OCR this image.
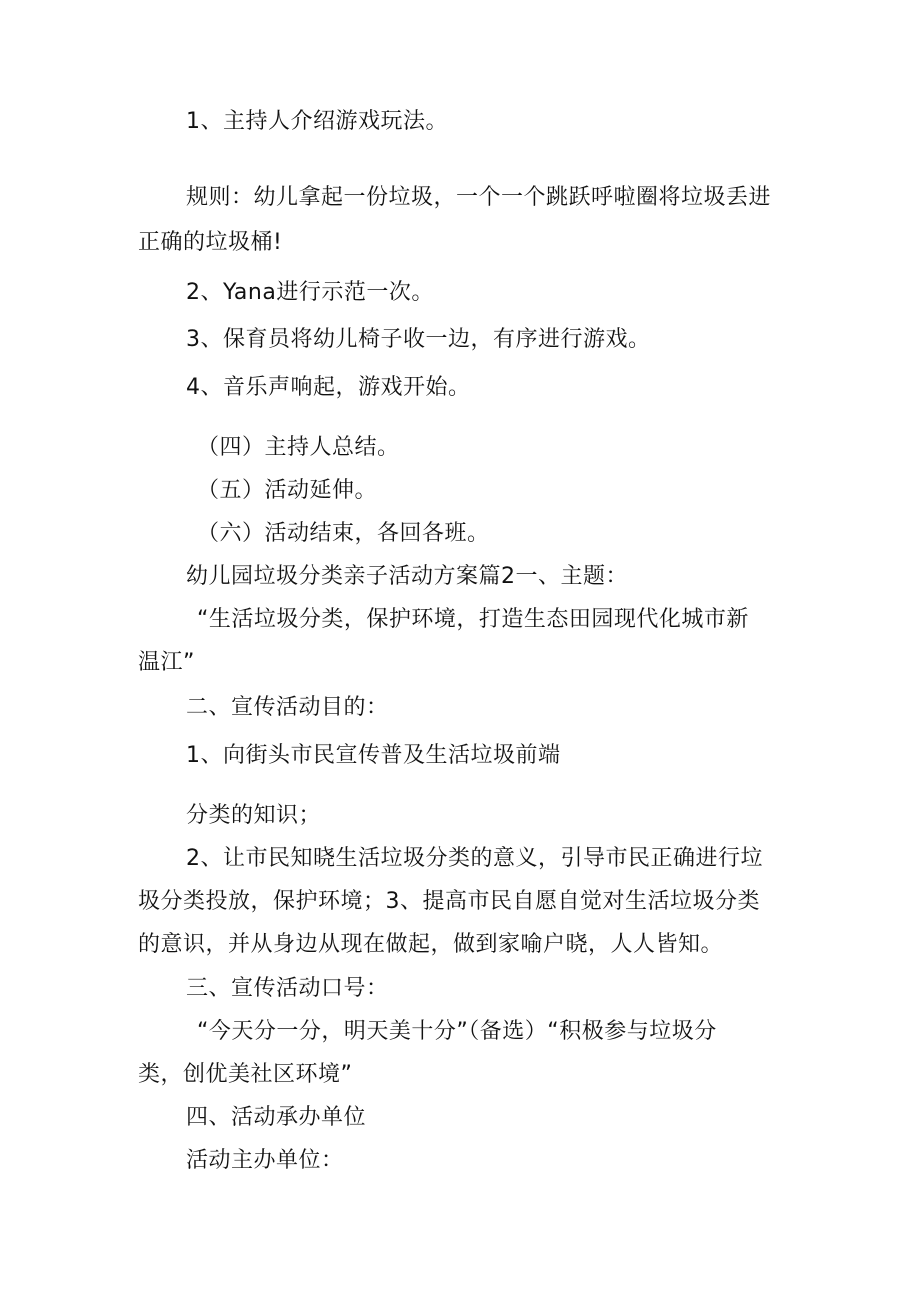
1、主持人介绍游戏玩法。

规则：幼儿拿起一份垃圾，一个一个跳跃呼啦圈将垃圾丢进

正确的垃圾桶!

2、Yana进行示范一次。

3、保育员将幼儿椅子收一边，有序进行游戏。

4、音乐声响起，游戏开始。

（四）主持人总结。

（五）活动延伸。

（六）活动结束，各回各班。

幼儿园垃圾分类亲子活动方案篇2一、主题：

“生活垃圾分类，保护环境，打造生态田园现代化城市新

温江”

二、宣传活动目的：

1、向街头市民宣传普及生活垃圾前端

分类的知识；

2、让市民知晓生活垃圾分类的意义，引导市民正确进行垃

圾分类投放，保护环境；3、提高市民自愿自觉对生活垃圾分类

的意识，并从身边从现在做起，做到家喻户晓，人人皆知。

三、宣传活动口号：

“今天分一分，明天美十分”（备选）“积极参与垃圾分

类，创优美社区环境”

四、活动承办单位

活动主办单位：
